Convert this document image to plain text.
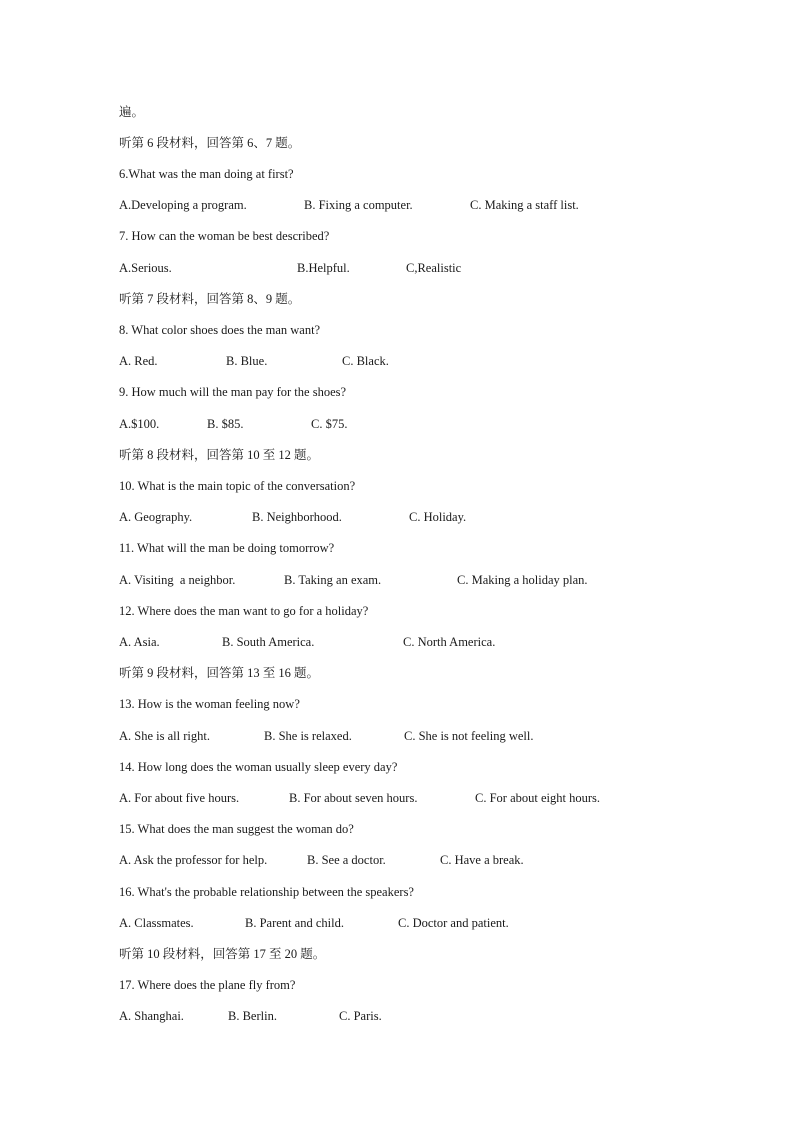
遍。
听第 6 段材料，回答第 6、7 题。
6.What was the man doing at first?
A.Developing a program.	B. Fixing a computer.	C. Making a staff list.
7. How can the woman be best described?
A.Serious.	B.Helpful.	C,Realistic
听第 7 段材料，回答第 8、9 题。
8. What color shoes does the man want?
A. Red.	B. Blue.	C. Black.
9. How much will the man pay for the shoes?
A.$100.	B. $85.	C. $75.
听第 8 段材料，回答第 10 至 12 题。
10. What is the main topic of the conversation?
A. Geography.	B. Neighborhood.	C. Holiday.
11. What will the man be doing tomorrow?
A. Visiting  a neighbor.	B. Taking an exam.	C. Making a holiday plan.
12. Where does the man want to go for a holiday?
A. Asia.	B. South America.	C. North America.
听第 9 段材料，回答第 13 至 16 题。
13. How is the woman feeling now?
A. She is all right.	B. She is relaxed.	C. She is not feeling well.
14. How long does the woman usually sleep every day?
A. For about five hours.	B. For about seven hours.	C. For about eight hours.
15. What does the man suggest the woman do?
A. Ask the professor for help.	B. See a doctor.	C. Have a break.
16. What's the probable relationship between the speakers?
A. Classmates.	B. Parent and child.	C. Doctor and patient.
听第 10 段材料，回答第 17 至 20 题。
17. Where does the plane fly from?
A. Shanghai.	B. Berlin.	C. Paris.
